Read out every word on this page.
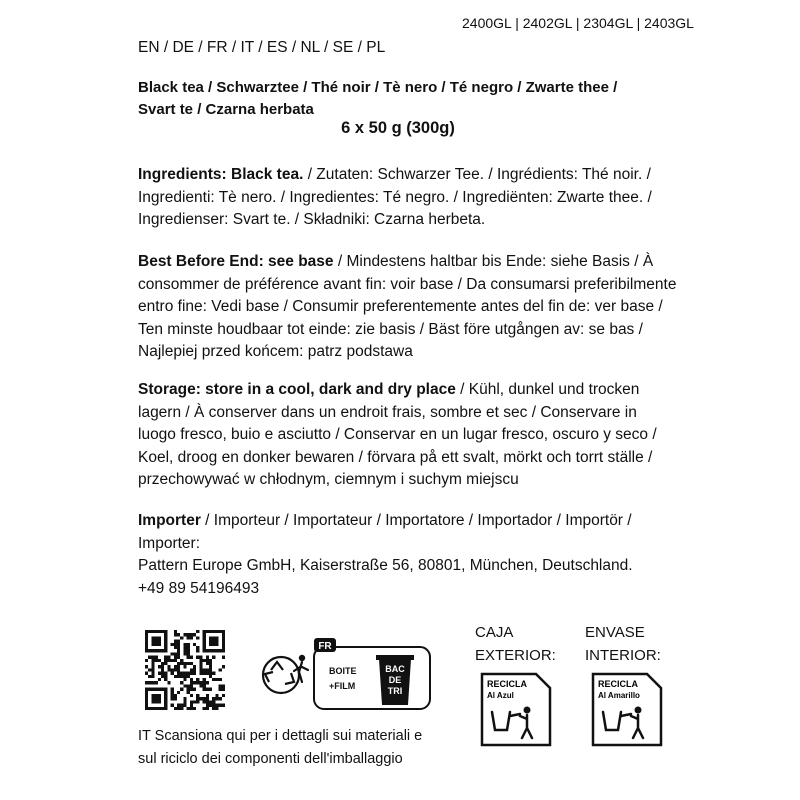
2400GL | 2402GL | 2304GL | 2403GL
EN / DE / FR / IT / ES / NL / SE / PL
Black tea / Schwarztee / Thé noir / Tè nero / Té negro / Zwarte thee /
Svart te / Czarna herbata
6 x 50 g (300g)
Ingredients: Black tea. / Zutaten: Schwarzer Tee. / Ingrédients: Thé noir. / Ingredienti: Tè nero. / Ingredientes: Té negro. / Ingrediënten: Zwarte thee. / Ingredienser: Svart te. / Składniki: Czarna herbeta.
Best Before End: see base / Mindestens haltbar bis Ende: siehe Basis / À consommer de préférence avant fin: voir base / Da consumarsi preferibilmente entro fine: Vedi base / Consumir preferentemente antes del fin de: ver base / Ten minste houdbaar tot einde: zie basis / Bäst före utgången av: se bas / Najlepiej przed końcem: patrz podstawa
Storage: store in a cool, dark and dry place / Kühl, dunkel und trocken lagern / À conserver dans un endroit frais, sombre et sec / Conservare in luogo fresco, buio e asciutto / Conservar en un lugar fresco, oscuro y seco / Koel, droog en donker bewaren / förvara på ett svalt, mörkt och torrt ställe / przechowywać w chłodnym, ciemnym i suchym miejscu
Importer / Importeur / Importateur / Importatore / Importador / Importör / Importer:
Pattern Europe GmbH, Kaiserstraße 56, 80801, München, Deutschland.
+49 89 54196493
FR
BOITE
+FILM
BAC
DE
TRI
IT Scansiona qui per i dettagli sui materiali e
sul riciclo dei componenti dell'imballaggio
CAJA
EXTERIOR:
ENVASE
INTERIOR:
RECICLA
Al Azul
RECICLA
Al Amarillo
